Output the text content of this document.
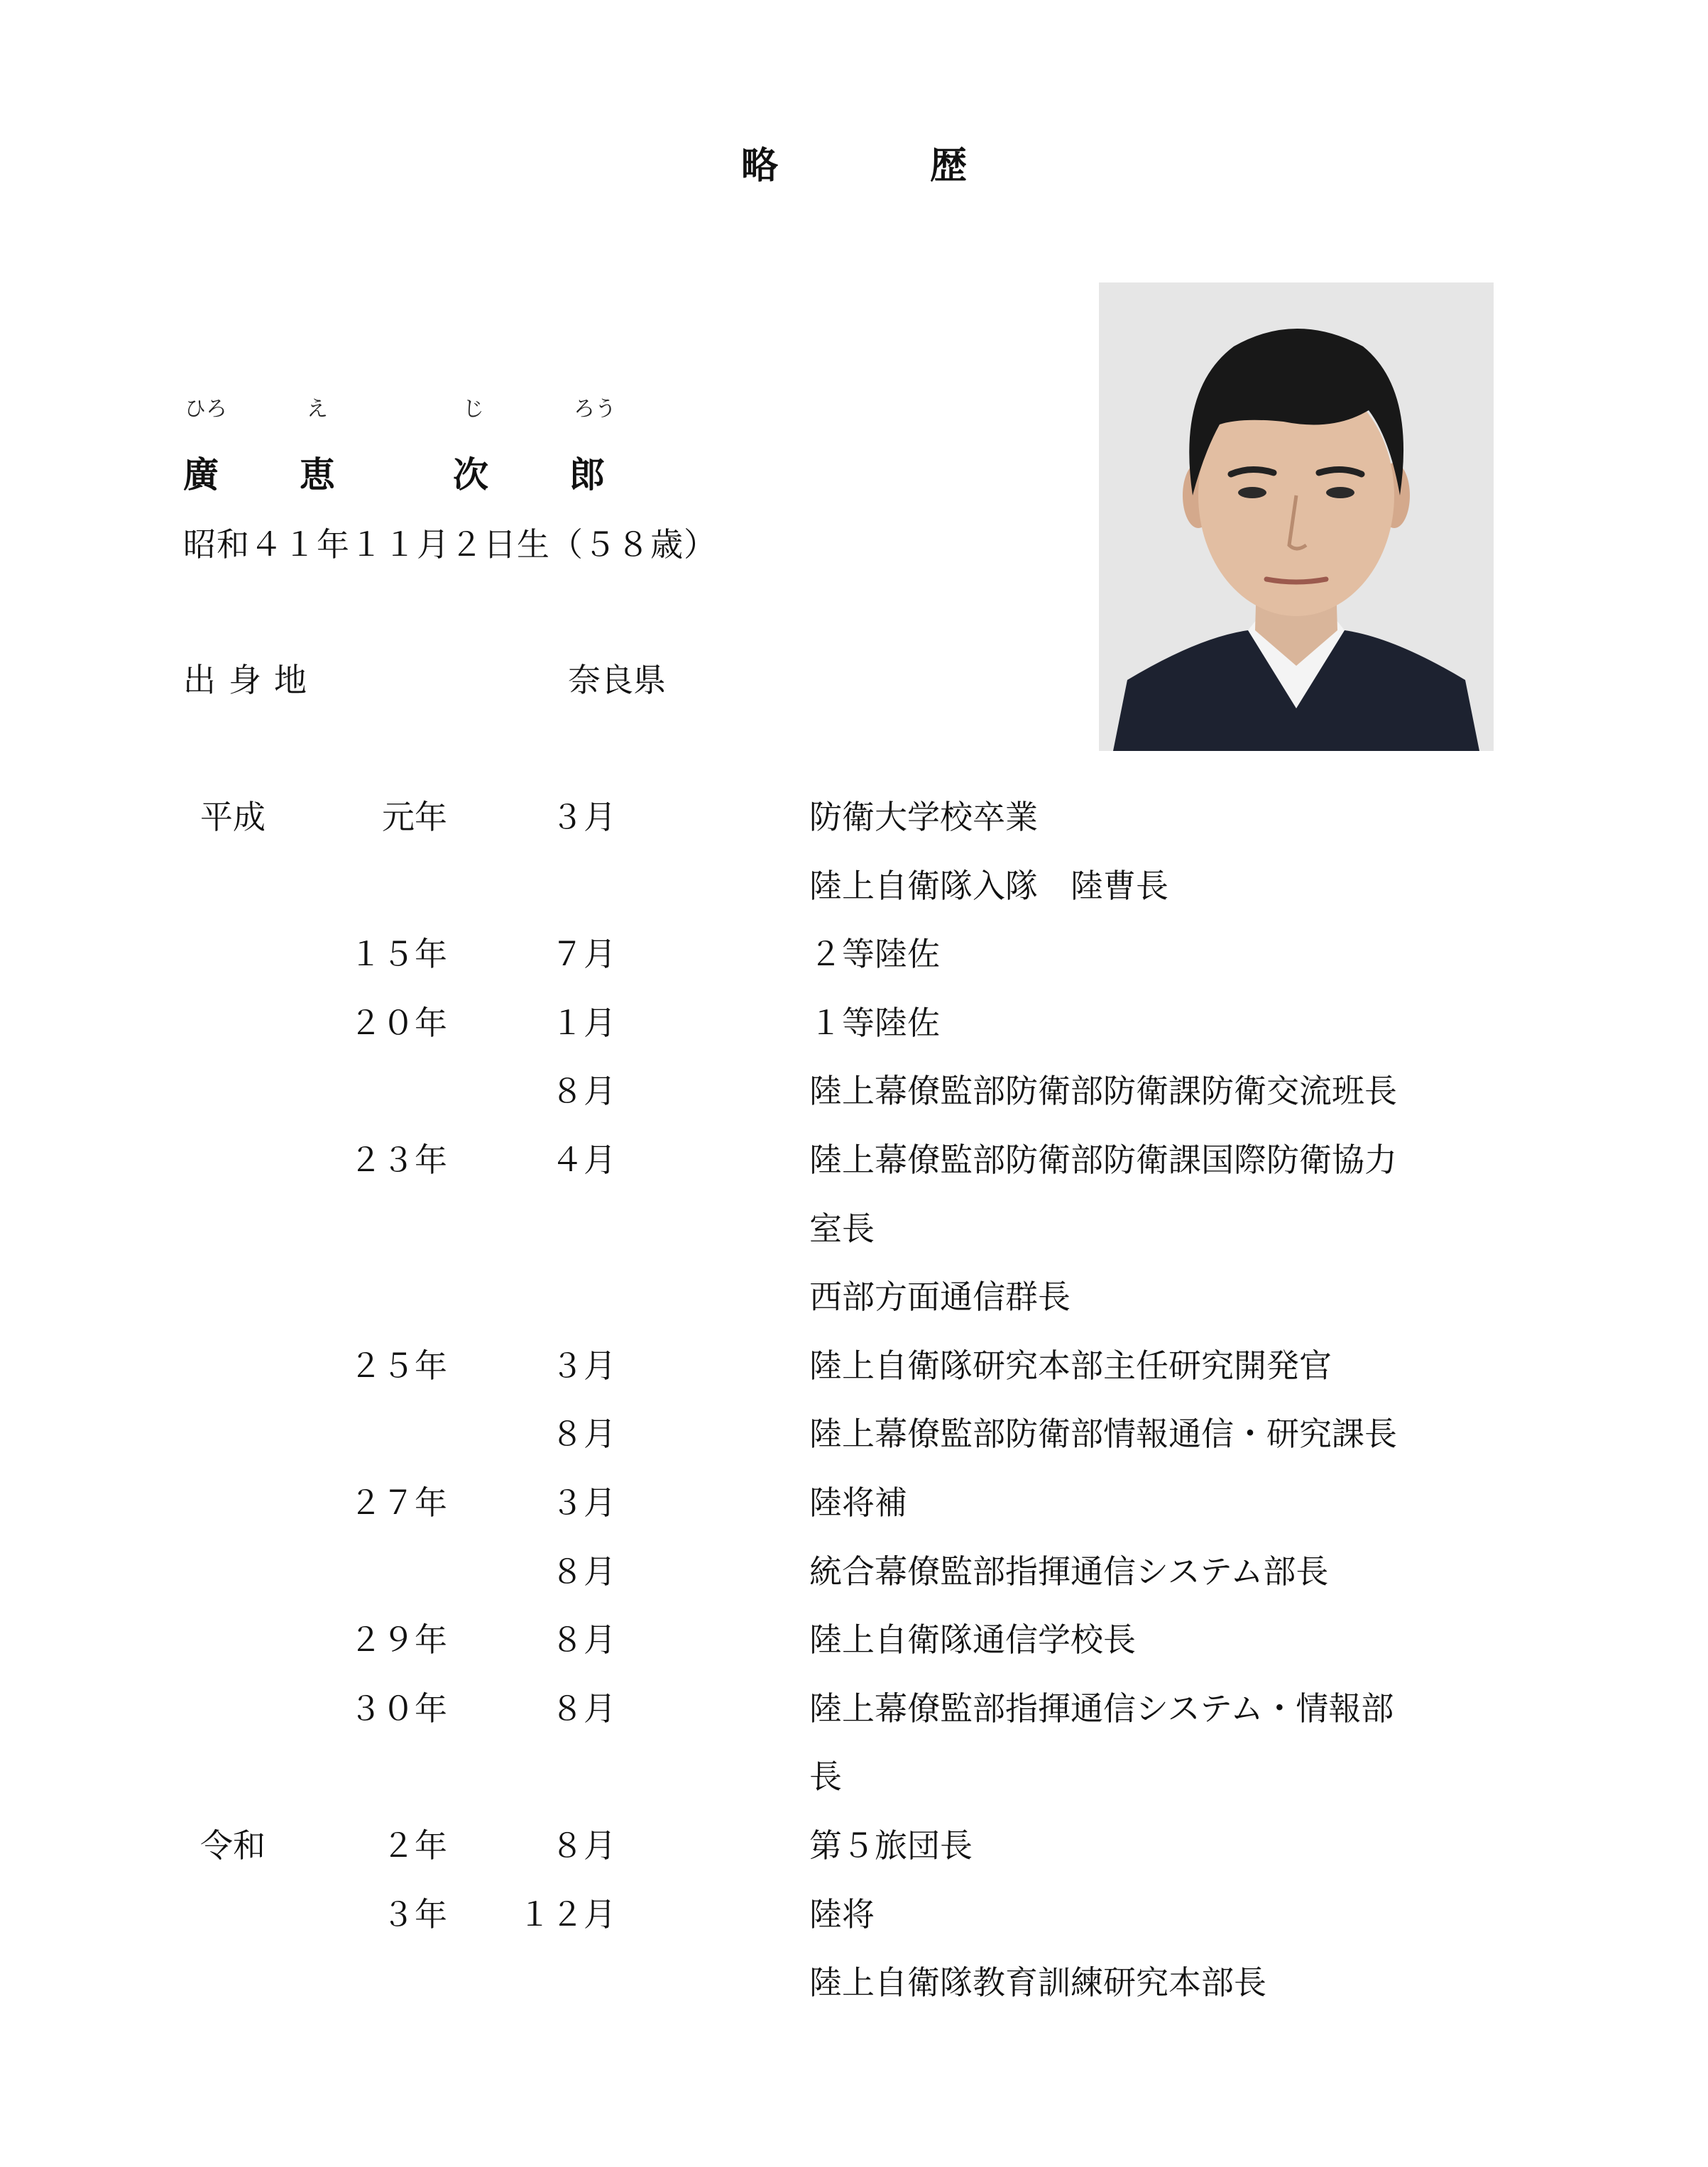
略	歴
ひろ	え	じ	ろう
廣 恵	次 郎
昭和４１年１１月２日生（５８歳）
出身地	奈良県
平成	元年	３月	防衛大学校卒業
陸上自衛隊入隊　陸曹長
１５年	７月	２等陸佐
２０年	１月	１等陸佐
８月	陸上幕僚監部防衛部防衛課防衛交流班長
２３年	４月	陸上幕僚監部防衛部防衛課国際防衛協力
室長
西部方面通信群長
２５年	３月	陸上自衛隊研究本部主任研究開発官
８月	陸上幕僚監部防衛部情報通信・研究課長
２７年	３月	陸将補
８月	統合幕僚監部指揮通信システム部長
２９年	８月	陸上自衛隊通信学校長
３０年	８月	陸上幕僚監部指揮通信システム・情報部
長
令和	２年	８月	第５旅団長
３年 １２月	陸将
陸上自衛隊教育訓練研究本部長
